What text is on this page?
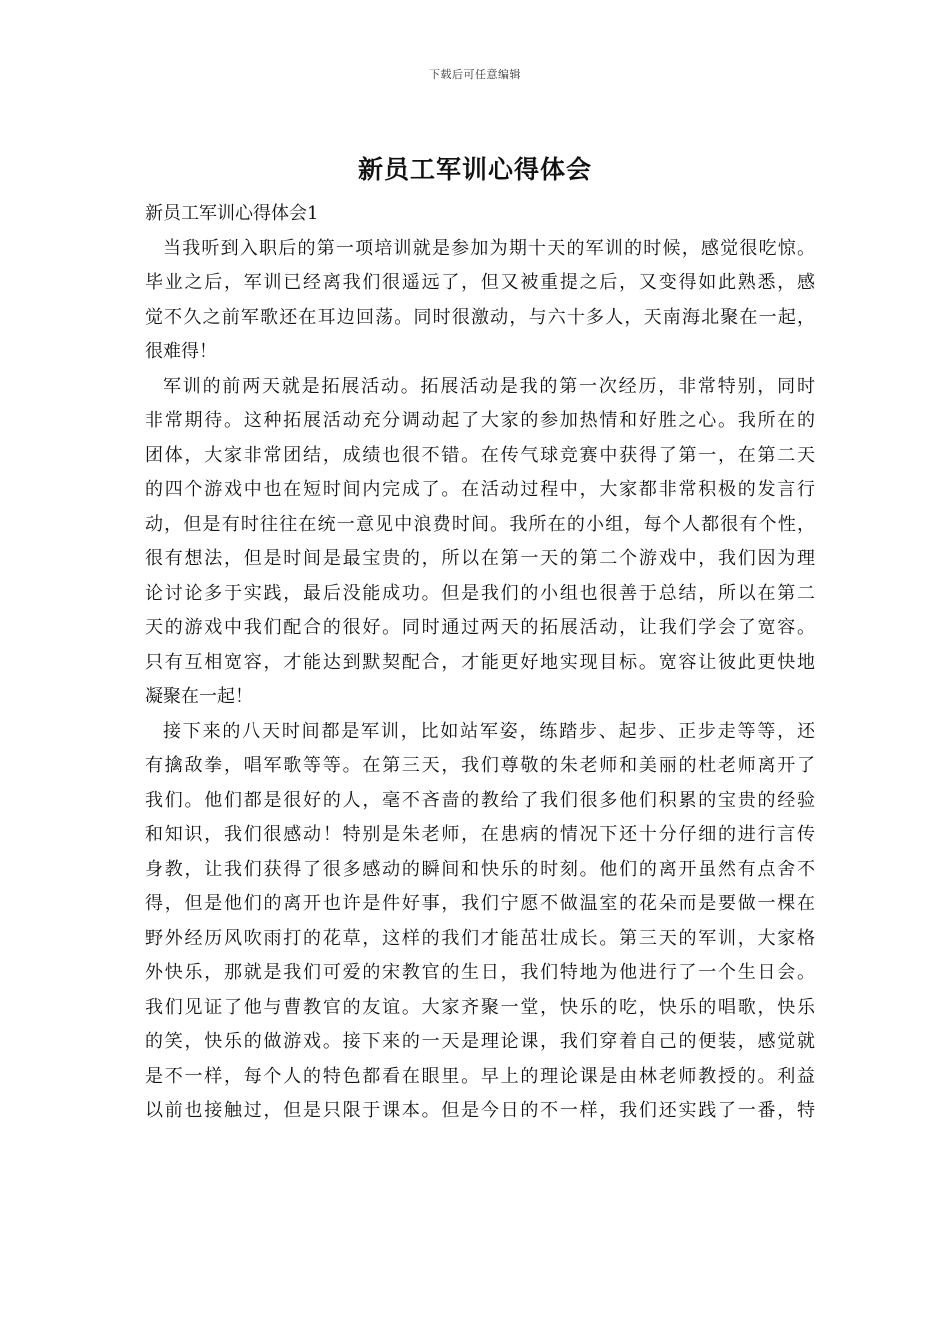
下载后可任意编辑
新员工军训心得体会

新员工军训心得体会1

当我听到入职后的第一项培训就是参加为期十天的军训的时候，感觉很吃惊。

毕业之后，军训已经离我们很遥远了，但又被重提之后，又变得如此熟悉，感

觉不久之前军歌还在耳边回荡。同时很激动，与六十多人，天南海北聚在一起，

很难得！

军训的前两天就是拓展活动。拓展活动是我的第一次经历，非常特别，同时

非常期待。这种拓展活动充分调动起了大家的参加热情和好胜之心。我所在的

团体，大家非常团结，成绩也很不错。在传气球竞赛中获得了第一，在第二天

的四个游戏中也在短时间内完成了。在活动过程中，大家都非常积极的发言行

动，但是有时往往在统一意见中浪费时间。我所在的小组，每个人都很有个性，

很有想法，但是时间是最宝贵的，所以在第一天的第二个游戏中，我们因为理

论讨论多于实践，最后没能成功。但是我们的小组也很善于总结，所以在第二

天的游戏中我们配合的很好。同时通过两天的拓展活动，让我们学会了宽容。

只有互相宽容，才能达到默契配合，才能更好地实现目标。宽容让彼此更快地

凝聚在一起！

接下来的八天时间都是军训，比如站军姿，练踏步、起步、正步走等等，还

有擒敌拳，唱军歌等等。在第三天，我们尊敬的朱老师和美丽的杜老师离开了

我们。他们都是很好的人，毫不吝啬的教给了我们很多他们积累的宝贵的经验

和知识，我们很感动！特别是朱老师，在患病的情况下还十分仔细的进行言传

身教，让我们获得了很多感动的瞬间和快乐的时刻。他们的离开虽然有点舍不

得，但是他们的离开也许是件好事，我们宁愿不做温室的花朵而是要做一棵在

野外经历风吹雨打的花草，这样的我们才能茁壮成长。第三天的军训，大家格

外快乐，那就是我们可爱的宋教官的生日，我们特地为他进行了一个生日会。

我们见证了他与曹教官的友谊。大家齐聚一堂，快乐的吃，快乐的唱歌，快乐

的笑，快乐的做游戏。接下来的一天是理论课，我们穿着自己的便装，感觉就

是不一样，每个人的特色都看在眼里。早上的理论课是由林老师教授的。利益

以前也接触过，但是只限于课本。但是今日的不一样，我们还实践了一番，特
